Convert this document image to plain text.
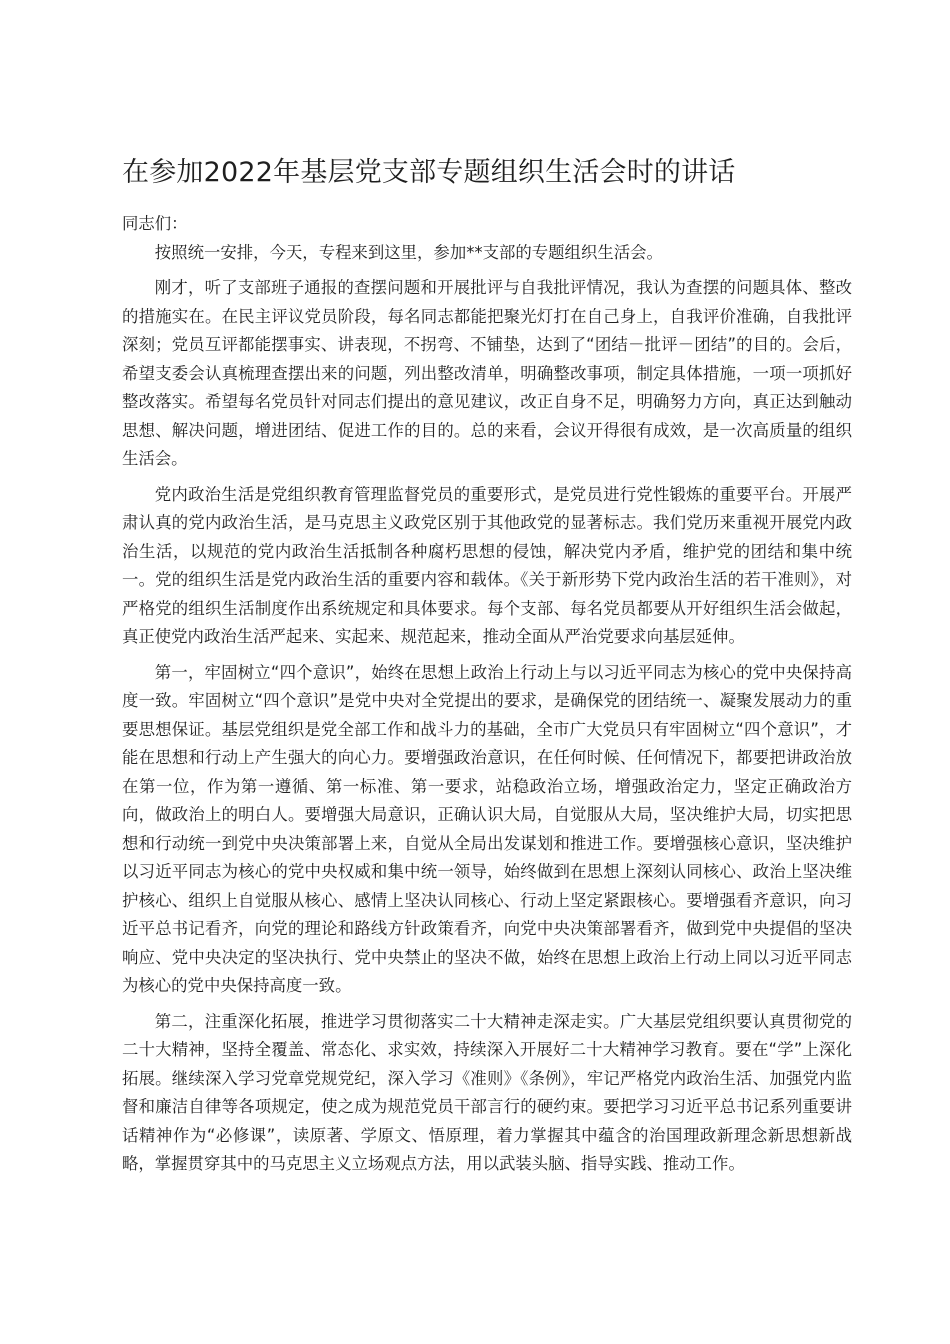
在参加2022年基层党支部专题组织生活会时的讲话

同志们：

按照统一安排，今天，专程来到这里，参加**支部的专题组织生活会。

刚才，听了支部班子通报的查摆问题和开展批评与自我批评情况，我认为查摆的问题具体、整改的措施实在。在民主评议党员阶段，每名同志都能把聚光灯打在自己身上，自我评价准确，自我批评深刻；党员互评都能摆事实、讲表现，不拐弯、不铺垫，达到了“团结－批评－团结”的目的。会后，希望支委会认真梳理查摆出来的问题，列出整改清单，明确整改事项，制定具体措施，一项一项抓好整改落实。希望每名党员针对同志们提出的意见建议，改正自身不足，明确努力方向，真正达到触动思想、解决问题，增进团结、促进工作的目的。总的来看，会议开得很有成效，是一次高质量的组织生活会。

党内政治生活是党组织教育管理监督党员的重要形式，是党员进行党性锻炼的重要平台。开展严肃认真的党内政治生活，是马克思主义政党区别于其他政党的显著标志。我们党历来重视开展党内政治生活，以规范的党内政治生活抵制各种腐朽思想的侵蚀，解决党内矛盾，维护党的团结和集中统一。党的组织生活是党内政治生活的重要内容和载体。《关于新形势下党内政治生活的若干准则》，对严格党的组织生活制度作出系统规定和具体要求。每个支部、每名党员都要从开好组织生活会做起，真正使党内政治生活严起来、实起来、规范起来，推动全面从严治党要求向基层延伸。

第一，牢固树立“四个意识”，始终在思想上政治上行动上与以习近平同志为核心的党中央保持高度一致。牢固树立“四个意识”是党中央对全党提出的要求，是确保党的团结统一、凝聚发展动力的重要思想保证。基层党组织是党全部工作和战斗力的基础，全市广大党员只有牢固树立“四个意识”，才能在思想和行动上产生强大的向心力。要增强政治意识，在任何时候、任何情况下，都要把讲政治放在第一位，作为第一遵循、第一标准、第一要求，站稳政治立场，增强政治定力，坚定正确政治方向，做政治上的明白人。要增强大局意识，正确认识大局，自觉服从大局，坚决维护大局，切实把思想和行动统一到党中央决策部署上来，自觉从全局出发谋划和推进工作。要增强核心意识，坚决维护以习近平同志为核心的党中央权威和集中统一领导，始终做到在思想上深刻认同核心、政治上坚决维护核心、组织上自觉服从核心、感情上坚决认同核心、行动上坚定紧跟核心。要增强看齐意识，向习近平总书记看齐，向党的理论和路线方针政策看齐，向党中央决策部署看齐，做到党中央提倡的坚决响应、党中央决定的坚决执行、党中央禁止的坚决不做，始终在思想上政治上行动上同以习近平同志为核心的党中央保持高度一致。

第二，注重深化拓展，推进学习贯彻落实二十大精神走深走实。广大基层党组织要认真贯彻党的二十大精神，坚持全覆盖、常态化、求实效，持续深入开展好二十大精神学习教育。要在“学”上深化拓展。继续深入学习党章党规党纪，深入学习《准则》《条例》，牢记严格党内政治生活、加强党内监督和廉洁自律等各项规定，使之成为规范党员干部言行的硬约束。要把学习习近平总书记系列重要讲话精神作为“必修课”，读原著、学原文、悟原理，着力掌握其中蕴含的治国理政新理念新思想新战略，掌握贯穿其中的马克思主义立场观点方法，用以武装头脑、指导实践、推动工作。
